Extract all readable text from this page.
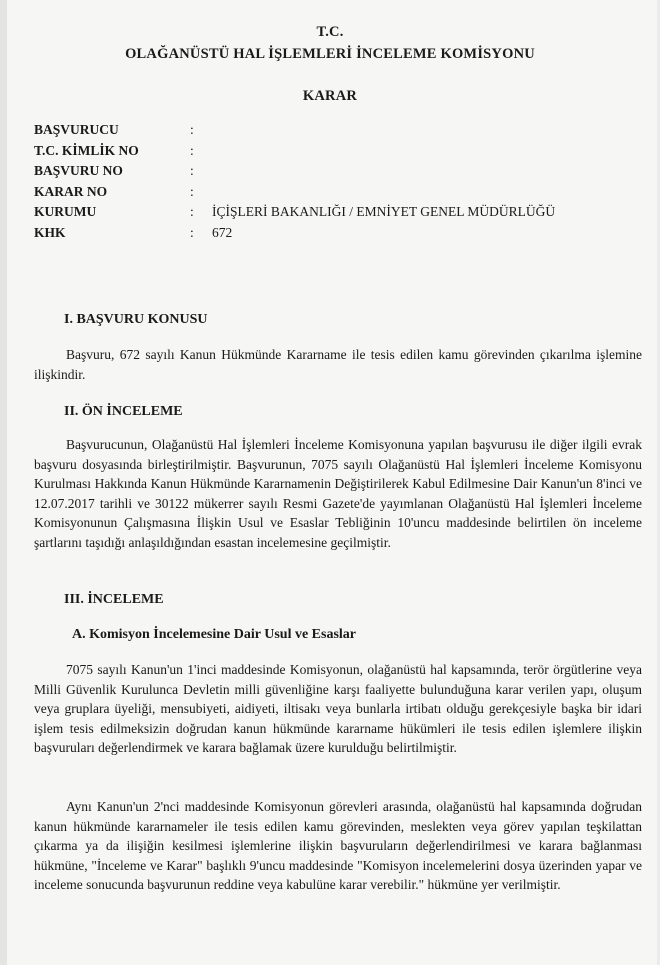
T.C.
OLAĞANÜSTÜ HAL İŞLEMLERİ İNCELEME KOMİSYONU
KARAR
BAŞVURUCU	:
T.C. KİMLİK NO	:
BAŞVURU NO	:
KARAR NO	:
KURUMU	: İÇİŞLERİ BAKANLIĞI / EMNİYET GENEL MÜDÜRLÜĞÜ
KHK	: 672
I. BAŞVURU KONUSU

Başvuru, 672 sayılı Kanun Hükmünde Kararname ile tesis edilen kamu görevinden çıkarılma işlemine ilişkindir.

II. ÖN İNCELEME

Başvurucunun, Olağanüstü Hal İşlemleri İnceleme Komisyonuna yapılan başvurusu ile diğer ilgili evrak başvuru dosyasında birleştirilmiştir. Başvurunun, 7075 sayılı Olağanüstü Hal İşlemleri İnceleme Komisyonu Kurulması Hakkında Kanun Hükmünde Kararnamenin Değiştirilerek Kabul Edilmesine Dair Kanun'un 8'inci ve 12.07.2017 tarihli ve 30122 mükerrer sayılı Resmi Gazete'de yayımlanan Olağanüstü Hal İşlemleri İnceleme Komisyonunun Çalışmasına İlişkin Usul ve Esaslar Tebliğinin 10'uncu maddesinde belirtilen ön inceleme şartlarını taşıdığı anlaşıldığından esastan incelemesine geçilmiştir.

III. İNCELEME
A. Komisyon İncelemesine Dair Usul ve Esaslar

7075 sayılı Kanun'un 1'inci maddesinde Komisyonun, olağanüstü hal kapsamında, terör örgütlerine veya Milli Güvenlik Kurulunca Devletin milli güvenliğine karşı faaliyette bulunduğuna karar verilen yapı, oluşum veya gruplara üyeliği, mensubiyeti, aidiyeti, iltisakı veya bunlarla irtibatı olduğu gerekçesiyle başka bir idari işlem tesis edilmeksizin doğrudan kanun hükmünde kararname hükümleri ile tesis edilen işlemlere ilişkin başvuruları değerlendirmek ve karara bağlamak üzere kurulduğu belirtilmiştir.

Aynı Kanun'un 2'nci maddesinde Komisyonun görevleri arasında, olağanüstü hal kapsamında doğrudan kanun hükmünde kararnameler ile tesis edilen kamu görevinden, meslekten veya görev yapılan teşkilattan çıkarma ya da ilişiğin kesilmesi işlemlerine ilişkin başvuruların değerlendirilmesi ve karara bağlanması hükmüne, "İnceleme ve Karar" başlıklı 9'uncu maddesinde "Komisyon incelemelerini dosya üzerinden yapar ve inceleme sonucunda başvurunun reddine veya kabulüne karar verebilir." hükmüne yer verilmiştir.
